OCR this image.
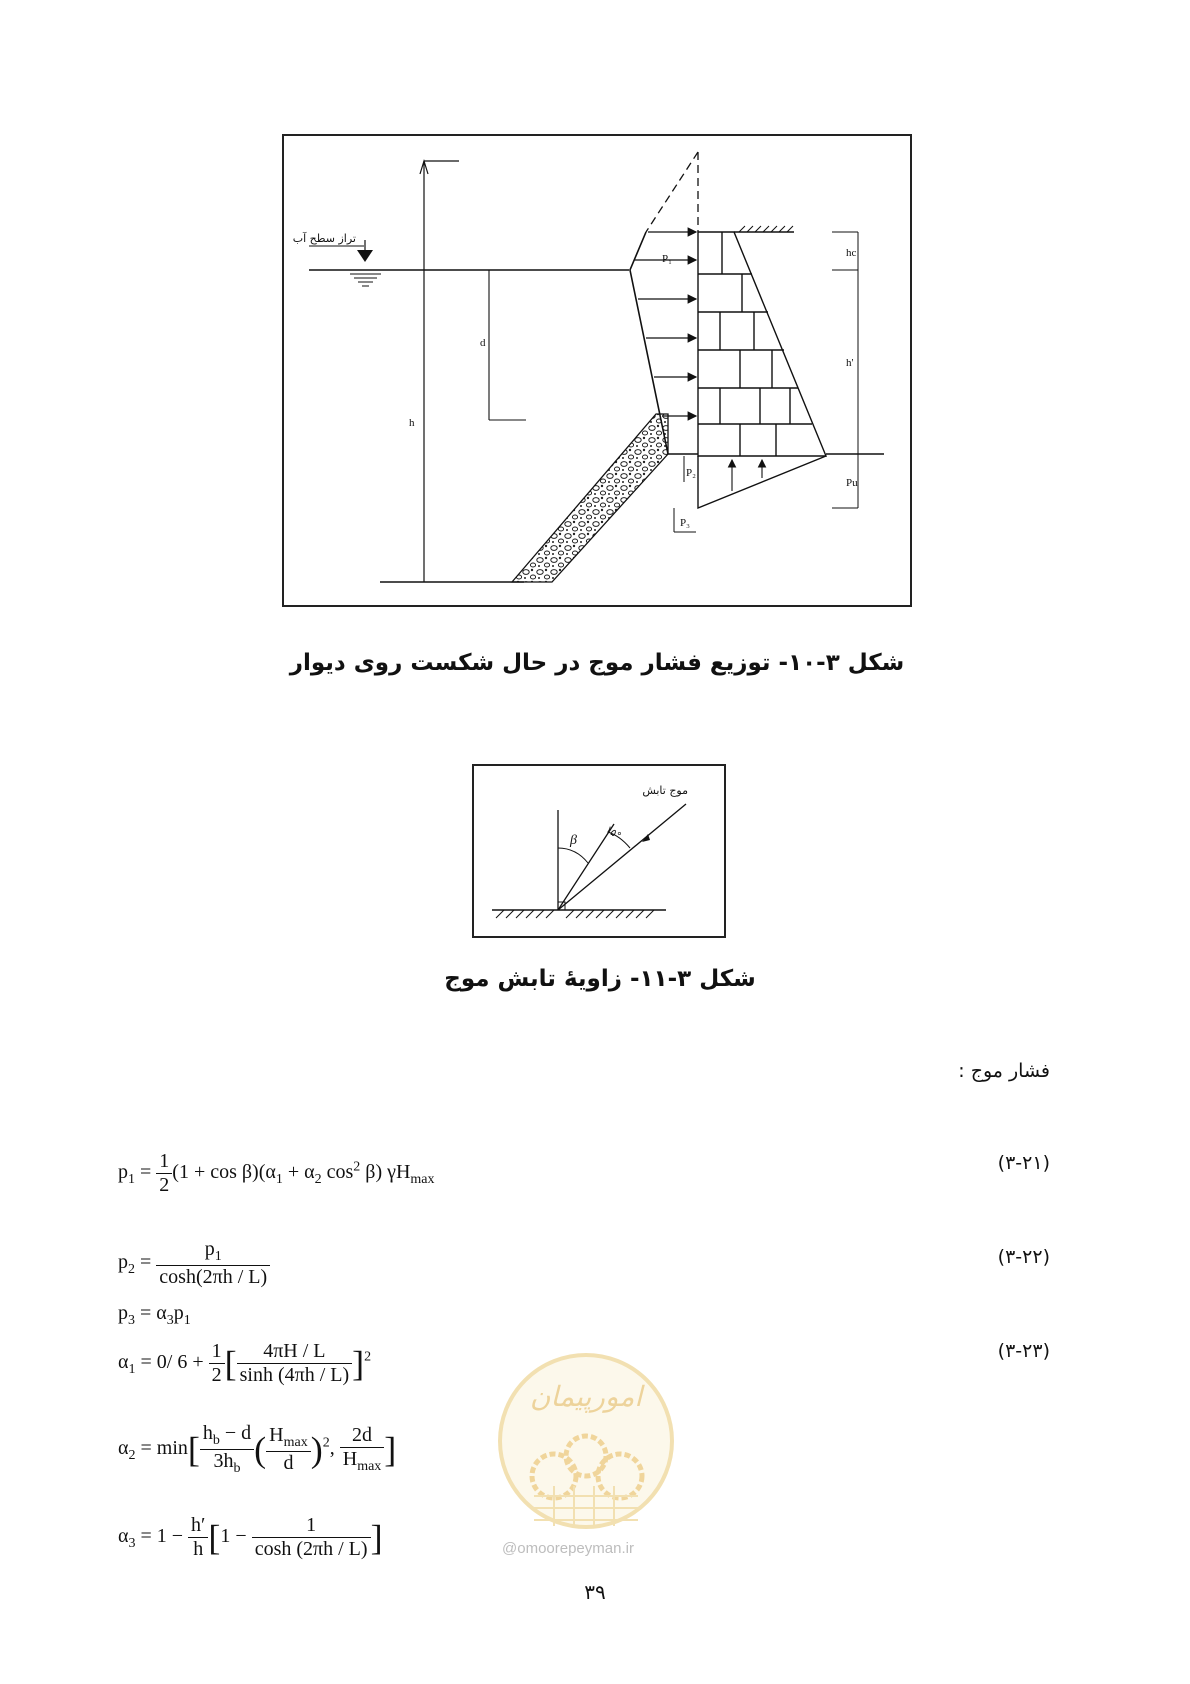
h
تراز سطح آب
d
P₁
P₂
P₃
hc
h'
Pu
شکل ۳-۱۰- توزیع فشار موج در حال شکست روی دیوار
β	۱۵°
موج تابش
شکل ۳-۱۱- زاویهٔ تابش موج
فشار موج :
$p_1 = \frac{1}{2} (1 + \cos \beta)(\alpha_1 + \alpha_2$ $\cos^2 \beta$) $\gamma H_{max}$
(۳-۲۱)
$p_2 = \frac{p_1}{\cosh(2\pi h / L)}$	(۳-۲۲)
$p_3 = \alpha_3p_1$
$\alpha_1 = 0/$ $6 + \frac{1}{2}$ [ $\frac{4\pi H / L}{\sinh (4\pi h / L)} ]^2$	(۳-۲۳)
$\alpha_2 = \min[ \frac{h_b - d}{3h_b}$ ( $\frac{H_{max}}{d} )^2$, $\frac{2d}{H_{max}}$ ]
$\alpha_3 = 1 - \frac{h'}{h} [1 - \frac{1}{\cosh (2\pi h / L)}$ ]
امورپیمان
@omoorepeyman.ir
۳۹
